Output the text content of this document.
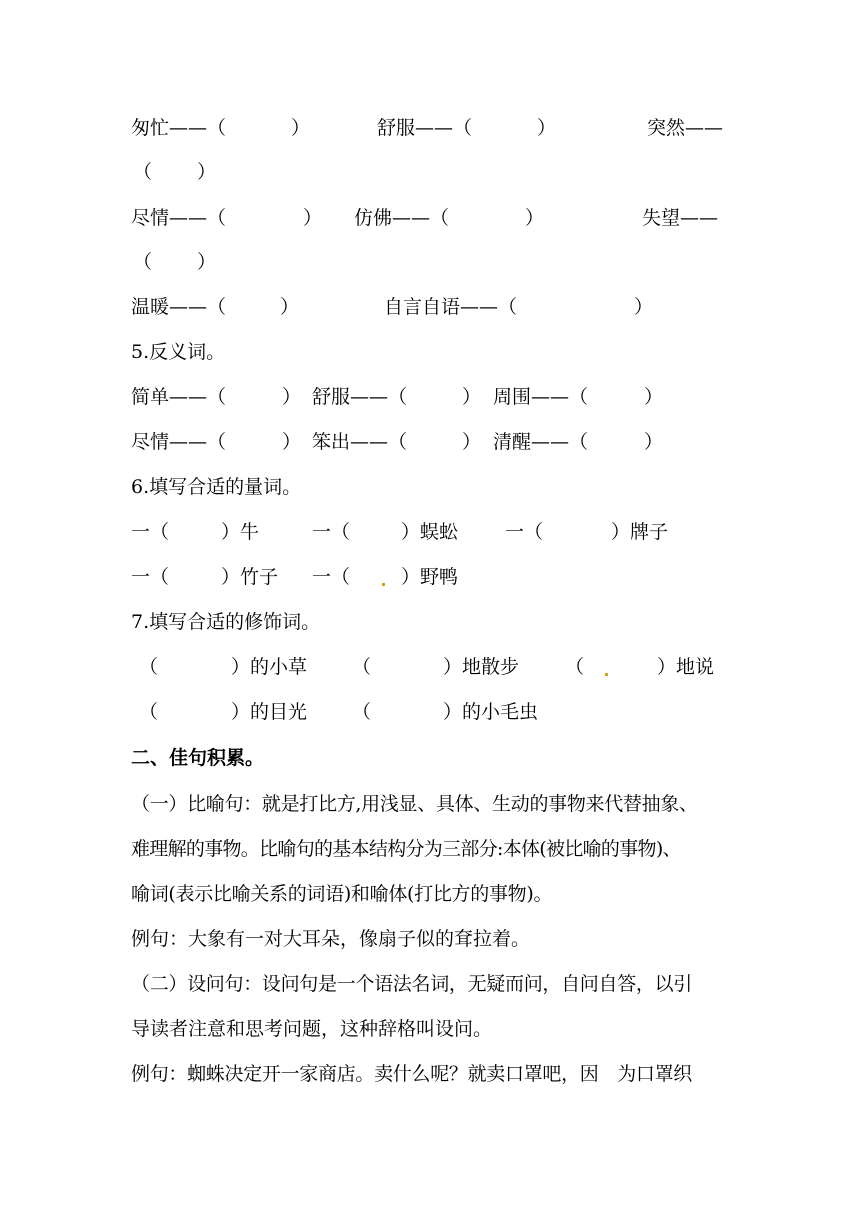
匆忙——（	）	舒服——（	）	突然——
（ ）
尽情——（	） 仿佛——（	）	失望——
（ ）
温暖——（	）	自言自语——（	）
5.反义词。
简单——（	） 舒服——（	） 周围——（	）
尽情——（	） 笨出——（	） 清醒——（	）
6.填写合适的量词。
一（	）牛	一（	）蜈蚣 一（	）牌子
一（	）竹子 一（	）野鸭
7.填写合适的修饰词。
（	）的小草 （	）地散步 （	）地说
（	）的目光 （	）的小毛虫
二、佳句积累。
（一）比喻句：就是打比方,用浅显、具体、生动的事物来代替抽象、
难理解的事物。比喻句的基本结构分为三部分:本体(被比喻的事物)、
喻词(表示比喻关系的词语)和喻体(打比方的事物)。
例句：大象有一对大耳朵，像扇子似的耷拉着。
（二）设问句：设问句是一个语法名词，无疑而问，自问自答，以引
导读者注意和思考问题，这种辞格叫设问。
例句：蜘蛛决定开一家商店。卖什么呢？就卖口罩吧，因　为口罩织
